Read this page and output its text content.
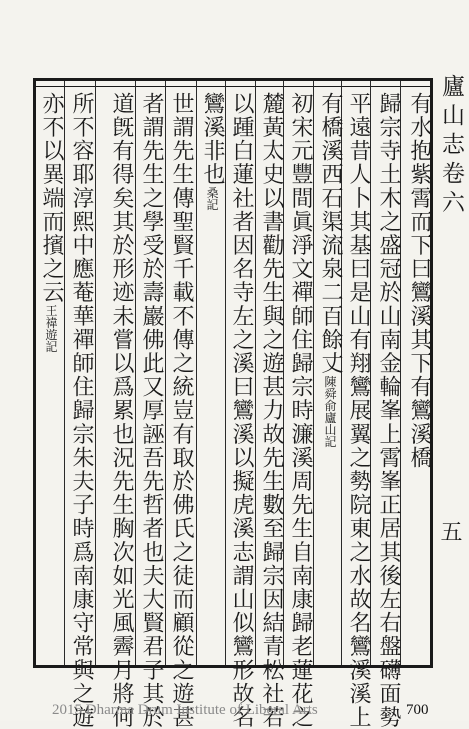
廬山志卷六
五
有水抱紫霄而下曰鸞溪其下有鸞溪橋
歸宗寺土木之盛冠於山南金輪峯上霄峯正居其後左右盤礴面勢
平遠昔人卜其基曰是山有翔鸞展翼之勢院東之水故名鸞溪溪上
有橋溪西石渠流泉二百餘丈陳舜俞廬山記
初宋元豐間眞淨文禪師住歸宗時濂溪周先生自南康歸老蓮花之
麓黃太史以書勸先生與之遊甚力故先生數至歸宗因結青松社若
以踵白蓮社者因名寺左之溪曰鸞溪以擬虎溪志謂山似鸞形故名
鸞溪非也桑記
世謂先生傳聖賢千載不傳之統豈有取於佛氏之徒而顧從之遊甚
者謂先生之學受於壽巖佛此又厚誣吾先哲者也夫大賢君子其於
道旣有得矣其於形迹未嘗以爲累也況先生胸次如光風霽月將何
所不容耶淳熙中應菴華禪師住歸宗朱夫子時爲南康守常與之遊
亦不以異端而擯之云王禕遊記
2015 Dharma Drum Institute of Liberal Arts	700
